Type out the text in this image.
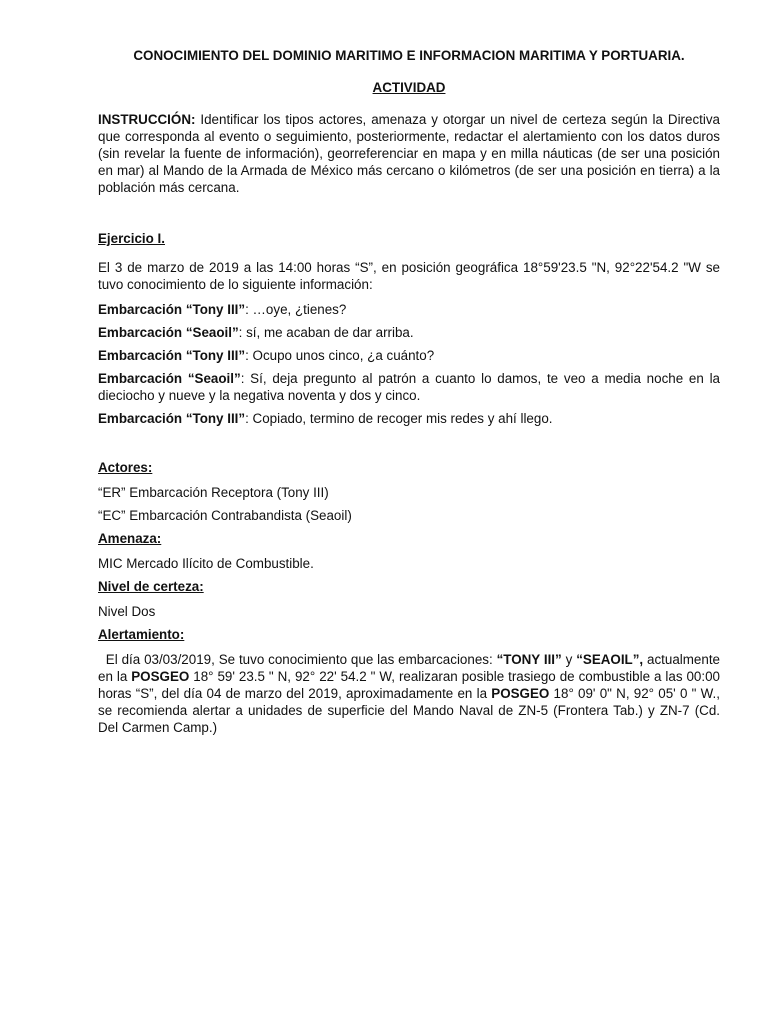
CONOCIMIENTO DEL DOMINIO MARITIMO E INFORMACION MARITIMA Y PORTUARIA.

ACTIVIDAD

INSTRUCCIÓN: Identificar los tipos actores, amenaza y otorgar un nivel de certeza según la Directiva que corresponda al evento o seguimiento, posteriormente, redactar el alertamiento con los datos duros (sin revelar la fuente de información), georreferenciar en mapa y en milla náuticas (de ser una posición en mar) al Mando de la Armada de México más cercano o kilómetros (de ser una posición en tierra) a la población más cercana.

Ejercicio I.

El 3 de marzo de 2019 a las 14:00 horas “S”, en posición geográfica 18°59'23.5 "N, 92°22'54.2 "W se tuvo conocimiento de lo siguiente información:

Embarcación “Tony III”: …oye, ¿tienes?

Embarcación “Seaoil”: sí, me acaban de dar arriba.

Embarcación “Tony III”: Ocupo unos cinco, ¿a cuánto?

Embarcación “Seaoil”: Sí, deja pregunto al patrón a cuanto lo damos, te veo a media noche en la dieciocho y nueve y la negativa noventa y dos y cinco.

Embarcación “Tony III”: Copiado, termino de recoger mis redes y ahí llego.

Actores:

“ER” Embarcación Receptora (Tony III)

“EC” Embarcación Contrabandista (Seaoil)

Amenaza:

MIC Mercado Ilícito de Combustible.

Nivel de certeza:

Nivel Dos

Alertamiento:

El día 03/03/2019, Se tuvo conocimiento que las embarcaciones: “TONY III” y “SEAOIL”, actualmente en la POSGEO 18° 59' 23.5 " N, 92° 22' 54.2 " W, realizaran posible trasiego de combustible a las 00:00 horas “S”, del día 04 de marzo del 2019, aproximadamente en la POSGEO 18° 09' 0" N, 92° 05' 0 " W., se recomienda alertar a unidades de superficie del Mando Naval de ZN-5 (Frontera Tab.) y ZN-7 (Cd. Del Carmen Camp.)
